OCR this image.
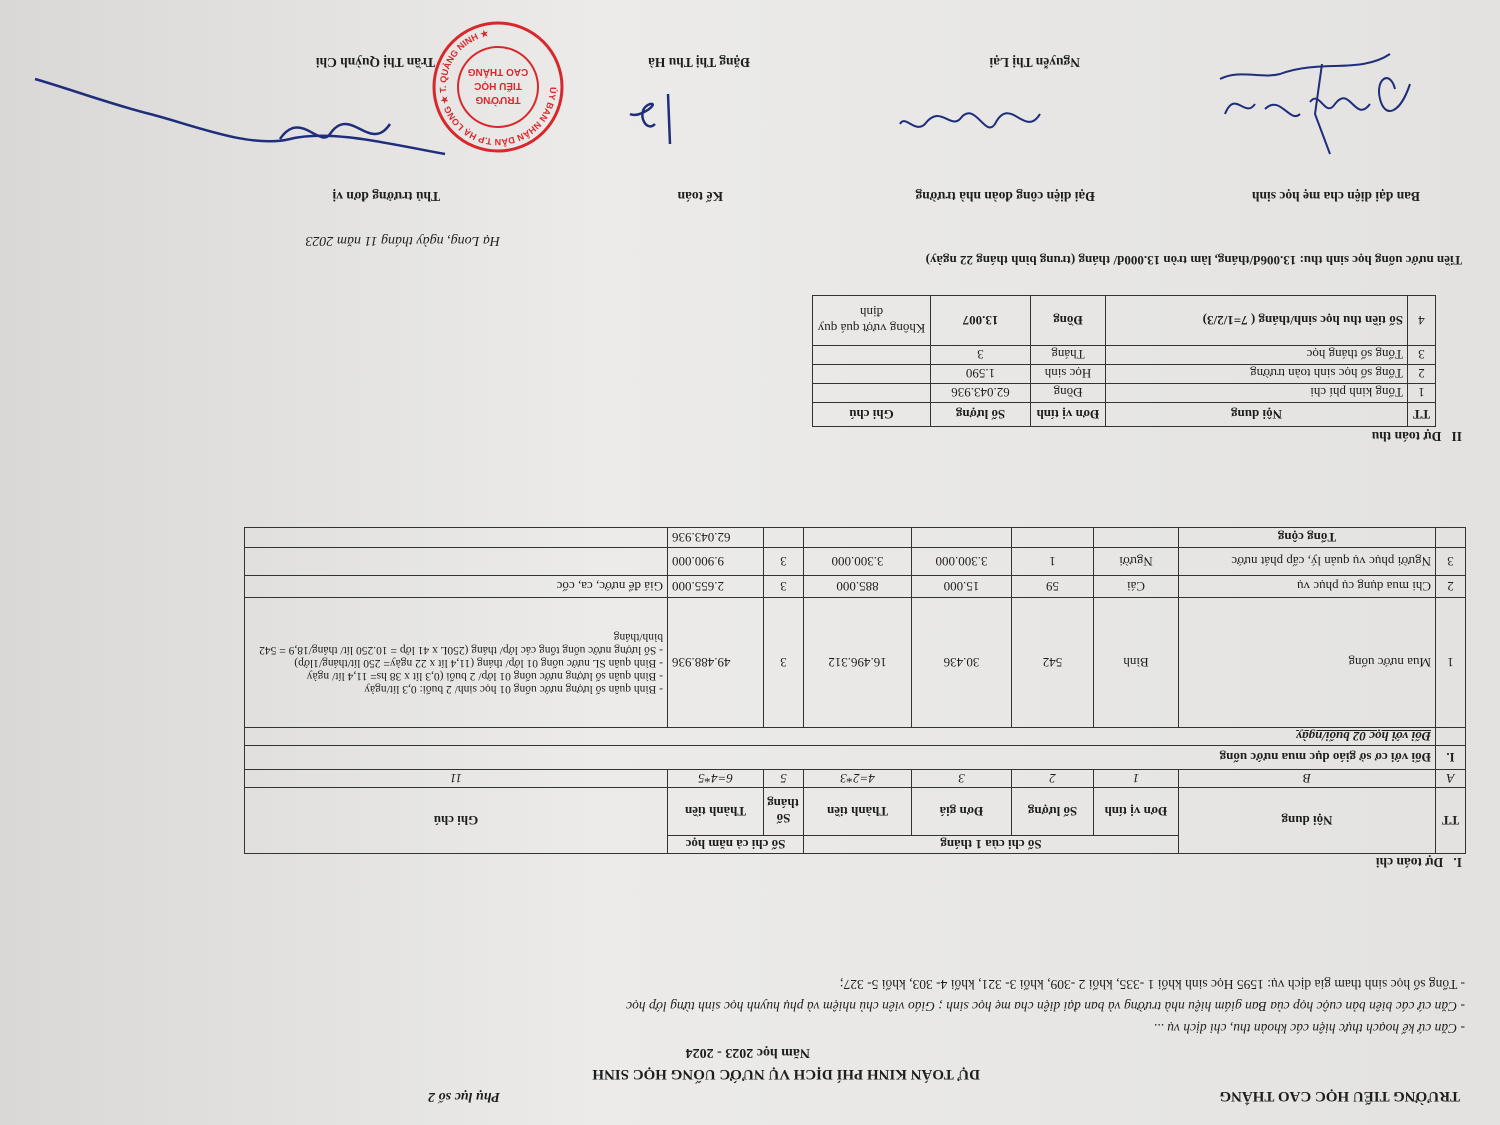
TRƯỜNG TIỂU HỌC CAO THẮNG
Phụ lục số 2
DỰ TOÁN KINH PHÍ DỊCH VỤ NƯỚC UỐNG HỌC SINH
Năm học 2023 - 2024
- Căn cứ kế hoạch thực hiện các khoản thu, chi dịch vụ ...
- Căn cứ các biên bản cuộc họp của Ban giám hiệu nhà trường và ban đại diện cha mẹ học sinh ; Giáo viên chủ nhiệm và phụ huynh học sinh từng lớp học
- Tổng số học sinh tham gia dịch vụ: 1595 Học sinh khối 1 -335, khối 2 -309, khối 3- 321, khối 4- 303, khối 5- 327;
I.   Dự toán chi
TT	Nội dung	Số chi của 1 tháng				Số chi cả năm học		Ghi chú
		Đơn vị tính	Số lượng	Đơn giá	Thành tiền	Số tháng	Thành tiền	
A	B	1	2	3	4=2*3	5	6=4*5	11
I.	Đối với cơ sở giáo dục mua nước uống							
	Đối với học 02 buổi/ngày							
1	Mua nước uống	Bình	542	30.436	16.496.312	3	49.488.936	- Bình quân số lượng nước uống 01 học sinh/ 2 buổi: 0,3 lít/ngày
- Bình quân số lượng nước uống 01 lớp/ 2 buổi (0,3 lít x 38 hs= 11,4 lít/ ngày
- Bình quân SL nước uống 01 lớp/ tháng (11,4 lít x 22 ngày= 250 lít/tháng/1lớp)
- Số lượng nước uống tổng các lớp/ tháng (250L x 41 lớp = 10.250 lít/ tháng/18,9 = 542 bình/tháng

2	Chi mua dụng cụ phục vụ	Cái	59	15.000	885.000	3	2.655.000	Giá để nước, ca, cốc
3	Người phục vụ quản lý, cấp phát nước	Người	1	3.300.000	3.300.000	3	9.900.000	
	Tổng cộng						62.043.936	
II   Dự toán thu
TT	Nội dung	Đơn vị tính	Số lượng	Ghi chú
1	Tổng kinh phí chi	Đồng	62.043.936	
2	Tổng số học sinh toàn trường	Học sinh	1.590	
3	Tổng số tháng học	Tháng	3	
4	Số tiền thu học sinh/tháng ( 7=1/2/3)	Đồng	13.007	Không vượt quá quy định
Tiền nước uống học sinh thu: 13.006đ/tháng, làm tròn 13.000đ/ tháng (trung bình tháng 22 ngày)
Hạ Long, ngày tháng 11 năm 2023
Ban đại diện cha mẹ học sinh
Đại diện công đoàn nhà trường
Kế toán
Thủ trưởng đơn vị
Nguyễn Thị Lại
Đặng Thị Thu Hà
Trần Thị Quỳnh Chi
ỦY BAN NHÂN DÂN T.P HẠ LONG ★ T. QUẢNG NINH ★
TRƯỜNG
TIỂU HỌC
CAO THẮNG
